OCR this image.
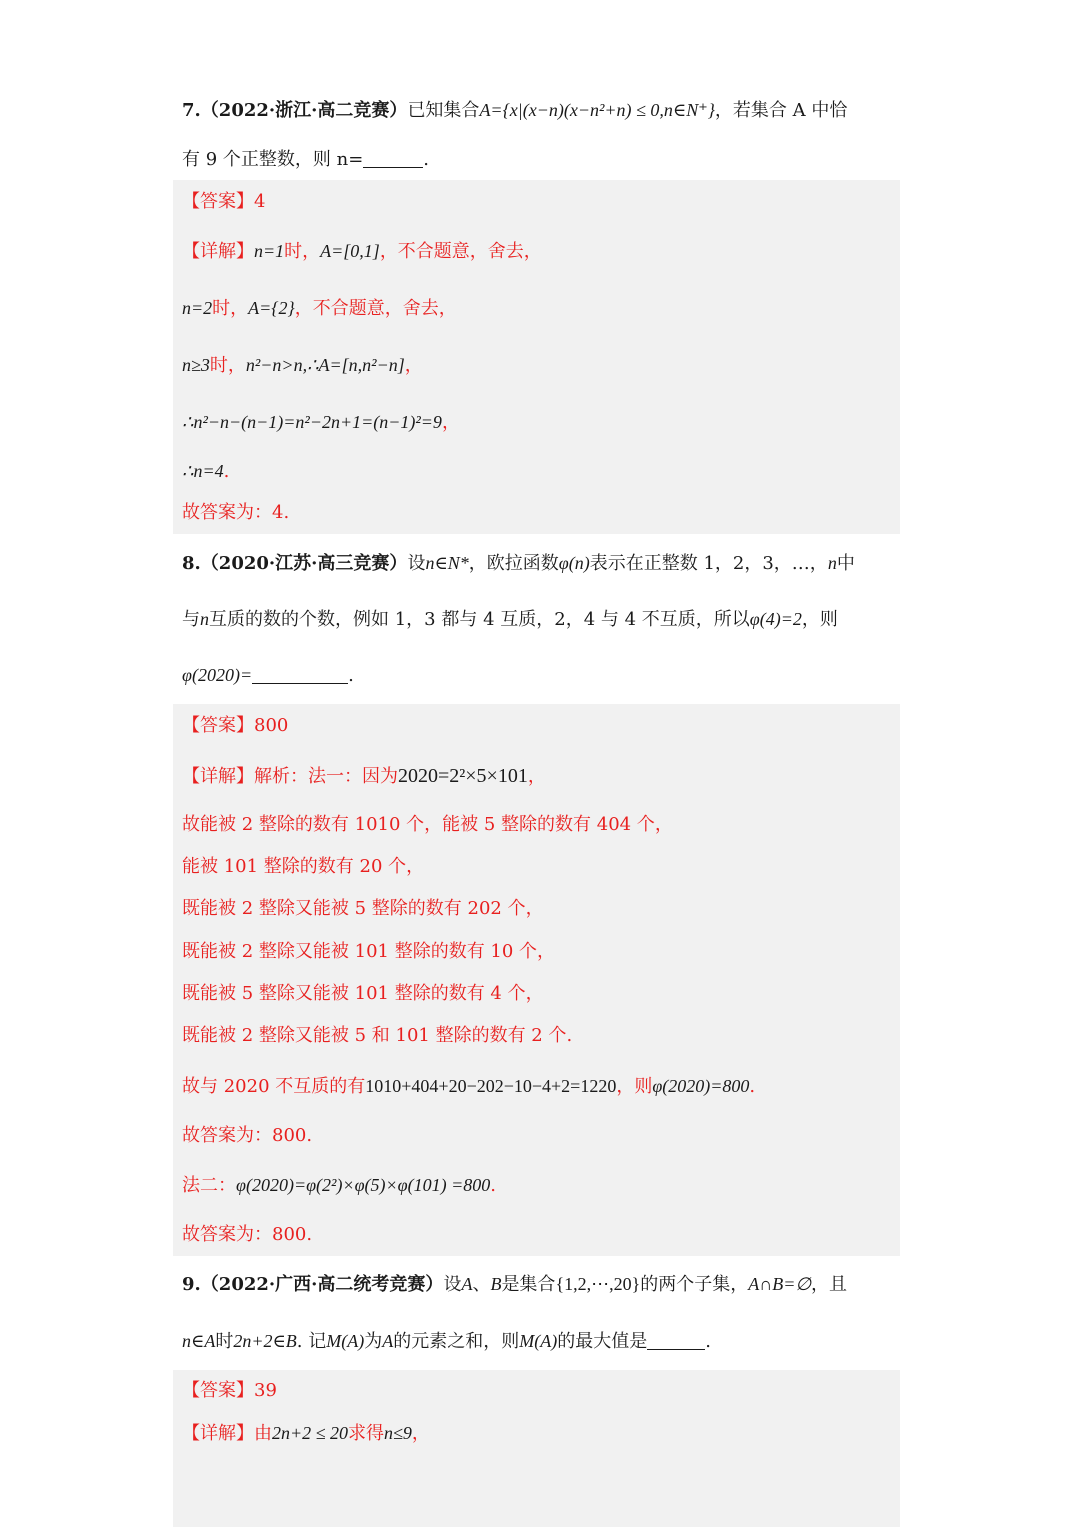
7.（2022·浙江·高二竞赛）已知集合A={x|(x−n)(x−n²+n) ≤ 0,n∈N⁺}，若集合 A 中恰
有 9 个正整数，则 n=	.
【答案】4
【详解】n=1时，A=[0,1]，不合题意，舍去，
n=2时，A={2}，不合题意，舍去，
n≥3时，n²−n>n,∴A=[n,n²−n]，
∴n²−n−(n−1)=n²−2n+1=(n−1)²=9，
∴n=4.
故答案为：4.
8.（2020·江苏·高三竞赛）设n∈N*，欧拉函数φ(n)表示在正整数 1，2，3，…，n中
与n互质的数的个数，例如 1，3 都与 4 互质，2，4 与 4 不互质，所以φ(4)=2，则
φ(2020)=	.
【答案】800
【详解】解析：法一：因为2020=2²×5×101，
故能被 2 整除的数有 1010 个，能被 5 整除的数有 404 个，
能被 101 整除的数有 20 个，
既能被 2 整除又能被 5 整除的数有 202 个，
既能被 2 整除又能被 101 整除的数有 10 个，
既能被 5 整除又能被 101 整除的数有 4 个，
既能被 2 整除又能被 5 和 101 整除的数有 2 个.
故与 2020 不互质的有1010+404+20−202−10−4+2=1220，则φ(2020)=800.
故答案为：800.
法二：φ(2020)=φ(2²)×φ(5)×φ(101) =800.
故答案为：800.
9.（2022·广西·高二统考竞赛）设A、B是集合{1,2,⋯,20}的两个子集，A∩B=∅，且
n∈A时2n+2∈B. 记M(A)为A的元素之和，则M(A)的最大值是	.
【答案】39
【详解】由2n+2 ≤ 20求得n≤9，
